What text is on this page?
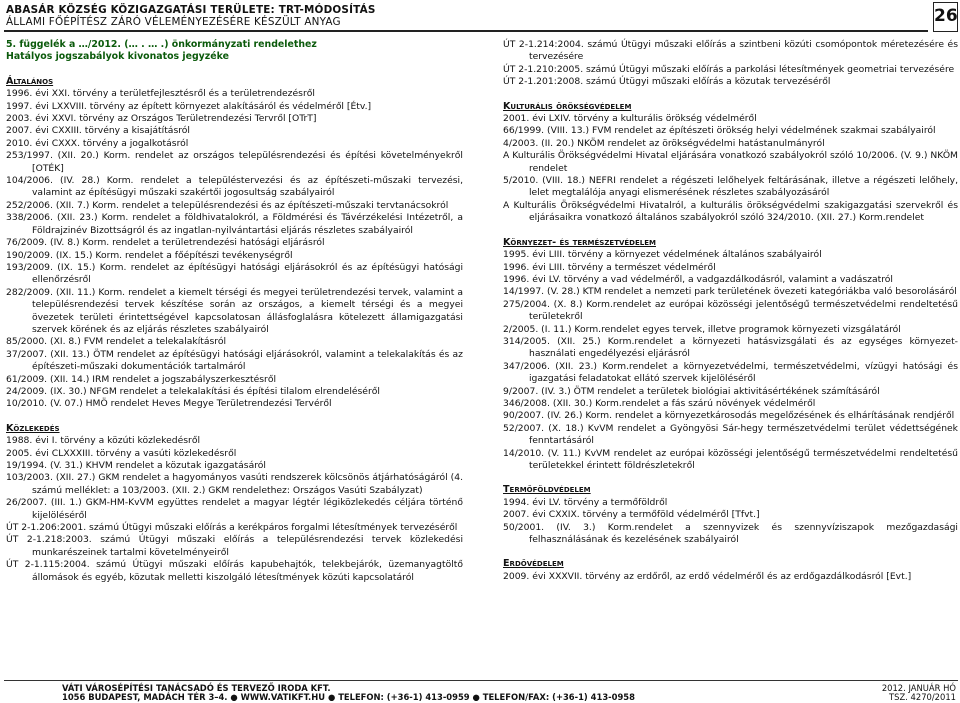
ABASÁR KÖZSÉG KÖZIGAZGATÁSI TERÜLETE: TRT-MÓDOSÍTÁS
ÁLLAMI FŐÉPÍTÉSZ ZÁRÓ VÉLEMÉNYEZÉSÉRE KÉSZÜLT ANYAG	26
5. függelék a …/2012. (… . … .) önkormányzati rendelethez
Hatályos jogszabályok kivonatos jegyzéke
Általános
1996. évi XXI. törvény a területfejlesztésről és a területrendezésről
1997. évi LXXVIII. törvény az épített környezet alakításáról és védelméről [Étv.]
2003. évi XXVI. törvény az Országos Területrendezési Tervről [OTrT]
2007. évi CXXIII. törvény a kisajátításról
2010. évi CXXX. törvény a jogalkotásról
253/1997. (XII. 20.) Korm. rendelet az országos településrendezési és építési követelményekről [OTÉK]
104/2006. (IV. 28.) Korm. rendelet a településtervezési és az építészeti-műszaki tervezési, valamint az építésügyi műszaki szakértői jogosultság szabályairól
252/2006. (XII. 7.) Korm. rendelet a településrendezési és az építészeti-műszaki tervtanácsokról
338/2006. (XII. 23.) Korm. rendelet a földhivatalokról, a Földmérési és Távérzékelési Intézetről, a Földrajzinév Bizottságról és az ingatlan-nyilvántartási eljárás részletes szabályairól
76/2009. (IV. 8.) Korm. rendelet a területrendezési hatósági eljárásról
190/2009. (IX. 15.) Korm. rendelet a főépítészi tevékenységről
193/2009. (IX. 15.) Korm. rendelet az építésügyi hatósági eljárásokról és az építésügyi hatósági ellenőrzésről
282/2009. (XII. 11.) Korm. rendelet a kiemelt térségi és megyei területrendezési tervek, valamint a településrendezési tervek készítése során az országos, a kiemelt térségi és a megyei övezetek területi érintettségével kapcsolatosan állásfoglalásra kötelezett államigazgatási szervek körének és az eljárás részletes szabályairól
85/2000. (XI. 8.) FVM rendelet a telekalakításról
37/2007. (XII. 13.) ÖTM rendelet az építésügyi hatósági eljárásokról, valamint a telekalakítás és az építészeti-műszaki dokumentációk tartalmáról
61/2009. (XII. 14.) IRM rendelet a jogszabályszerkesztésről
24/2009. (IX. 30.) NFGM rendelet a telekalakítási és építési tilalom elrendeléséről
10/2010. (V. 07.) HMÖ rendelet Heves Megye Területrendezési Tervéről
Közlekedés
1988. évi I. törvény a közúti közlekedésről
2005. évi CLXXXIII. törvény a vasúti közlekedésről
19/1994. (V. 31.) KHVM rendelet a közutak igazgatásáról
103/2003. (XII. 27.) GKM rendelet a hagyományos vasúti rendszerek kölcsönös átjárhatóságáról (4. számú melléklet: a 103/2003. (XII. 2.) GKM rendelethez: Országos Vasúti Szabályzat)
26/2007. (III. 1.) GKM-HM-KvVM együttes rendelet a magyar légtér légiközlekedés céljára történő kijelöléséről
ÚT 2-1.206:2001. számú Útügyi műszaki előírás a kerékpáros forgalmi létesítmények tervezéséről
ÚT 2-1.218:2003. számú Útügyi műszaki előírás a településrendezési tervek közlekedési munkarészeinek tartalmi követelményeiről
ÚT 2-1.115:2004. számú Útügyi műszaki előírás kapubehajtók, telekbejárók, üzemanyagtöltő állomások és egyéb, közutak melletti kiszolgáló létesítmények közúti kapcsolatáról
ÚT 2-1.214:2004. számú Útügyi műszaki előírás a szintbeni közúti csomópontok méretezésére és tervezésére
ÚT 2-1.210:2005. számú Útügyi műszaki előírás a parkolási létesítmények geometriai tervezésére
ÚT 2-1.201:2008. számú Útügyi műszaki előírás a közutak tervezéséről
Kulturális örökségvédelem
2001. évi LXIV. törvény a kulturális örökség védelméről
66/1999. (VIII. 13.) FVM rendelet az építészeti örökség helyi védelmének szakmai szabályairól
4/2003. (II. 20.) NKÖM rendelet az örökségvédelmi hatástanulmányról
A Kulturális Örökségvédelmi Hivatal eljárására vonatkozó szabályokról szóló 10/2006. (V. 9.) NKÖM rendelet
5/2010. (VIII. 18.) NEFRI rendelet a régészeti lelőhelyek feltárásának, illetve a régészeti lelőhely, lelet megtalálója anyagi elismerésének részletes szabályozásáról
A Kulturális Örökségvédelmi Hivatalról, a kulturális örökségvédelmi szakigazgatási szervekről és eljárásaikra vonatkozó általános szabályokról szóló 324/2010. (XII. 27.) Korm.rendelet
Környezet- és természetvédelem
1995. évi LIII. törvény a környezet védelmének általános szabályairól
1996. évi LIII. törvény a természet védelméről
1996. évi LV. törvény a vad védelméről, a vadgazdálkodásról, valamint a vadászatról
14/1997. (V. 28.) KTM rendelet a nemzeti park területének övezeti kategóriákba való besorolásáról
275/2004. (X. 8.) Korm.rendelet az európai közösségi jelentőségű természetvédelmi rendeltetésű területekről
2/2005. (I. 11.) Korm.rendelet egyes tervek, illetve programok környezeti vizsgálatáról
314/2005. (XII. 25.) Korm.rendelet a környezeti hatásvizsgálati és az egységes környezet-használati engedélyezési eljárásról
347/2006. (XII. 23.) Korm.rendelet a környezetvédelmi, természetvédelmi, vízügyi hatósági és igazgatási feladatokat ellátó szervek kijelöléséről
9/2007. (IV. 3.) ÖTM rendelet a területek biológiai aktivitásértékének számításáról
346/2008. (XII. 30.) Korm.rendelet a fás szárú növények védelméről
90/2007. (IV. 26.) Korm. rendelet a környezetkárosodás megelőzésének és elhárításának rendjéről
52/2007. (X. 18.) KvVM rendelet a Gyöngyösi Sár-hegy természetvédelmi terület védettségének fenntartásáról
14/2010. (V. 11.) KvVM rendelet az európai közösségi jelentőségű természetvédelmi rendeltetésű területekkel érintett földrészletekről
Termőföldvédelem
1994. évi LV. törvény a termőföldről
2007. évi CXXIX. törvény a termőföld védelméről [Tfvt.]
50/2001. (IV. 3.) Korm.rendelet a szennyvizek és szennyvíziszapok mezőgazdasági felhasználásának és kezelésének szabályairól
Erdővédelem
2009. évi XXXVII. törvény az erdőről, az erdő védelméről és az erdőgazdálkodásról [Evt.]
VÁTI VÁROSÉPÍTÉSI TANÁCSADÓ ÉS TERVEZŐ IRODA KFT.
1056 BUDAPEST, MADÁCH TÉR 3–4. ● WWW.VATIKFT.HU ● TELEFON: (+36-1) 413-0959 ● TELEFON/FAX: (+36-1) 413-0958
2012. JANUÁR HÓ
TSZ. 4270/2011
